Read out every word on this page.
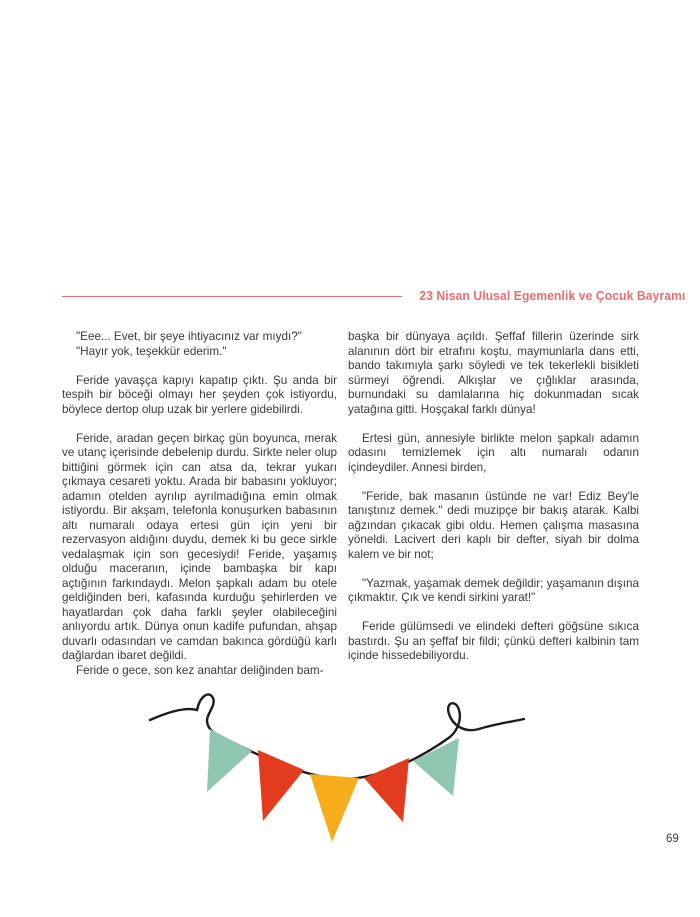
23 Nisan Ulusal Egemenlik ve Çocuk Bayramı

"Eee... Evet, bir şeye ihtiyacınız var mıydı?"

"Hayır yok, teşekkür ederim."

Feride yavaşça kapıyı kapatıp çıktı. Şu anda bir tespih bir böceği olmayı her şeyden çok istiyordu, böylece dertop olup uzak bir yerlere gidebilirdi.

Feride, aradan geçen birkaç gün boyunca, merak ve utanç içerisinde debelenip durdu. Sirkte neler olup bittiğini görmek için can atsa da, tekrar yukarı çıkmaya cesareti yoktu. Arada bir babasını yokluyor; adamın otelden ayrılıp ayrılmadığına emin olmak istiyordu. Bir akşam, telefonla konuşurken babasının altı numaralı odaya ertesi gün için yeni bir rezervasyon aldığını duydu, demek ki bu gece sirkle vedalaşmak için son gecesiydi! Feride, yaşamış olduğu maceranın, içinde bambaşka bir kapı açtığının farkındaydı. Melon şapkalı adam bu otele geldiğinden beri, kafasında kurduğu şehirlerden ve hayatlardan çok daha farklı şeyler olabileceğini anlıyordu artık. Dünya onun kadife pufundan, ahşap duvarlı odasından ve camdan bakınca gördüğü karlı dağlardan ibaret değildi.

Feride o gece, son kez anahtar deliğinden bam-

başka bir dünyaya açıldı. Şeffaf fillerin üzerinde sirk alanının dört bir etrafını koştu, maymunlarla dans etti, bando takımıyla şarkı söyledi ve tek tekerlekli bisikleti sürmeyi öğrendi. Alkışlar ve çığlıklar arasında, burnundaki su damlalarına hiç dokunmadan sıcak yatağına gitti. Hoşçakal farklı dünya!

Ertesi gün, annesiyle birlikte melon şapkalı adamın odasını temizlemek için altı numaralı odanın içindeydiler. Annesi birden,

"Feride, bak masanın üstünde ne var! Ediz Bey'le tanıştınız demek." dedi muzipçe bir bakış atarak. Kalbi ağzından çıkacak gibi oldu. Hemen çalışma masasına yöneldi. Lacivert deri kaplı bir defter, siyah bir dolma kalem ve bir not;

"Yazmak, yaşamak demek değildir; yaşamanın dışına çıkmaktır. Çık ve kendi sirkini yarat!"

Feride gülümsedi ve elindeki defteri göğsüne sıkıca bastırdı. Şu an şeffaf bir fildi; çünkü defteri kalbinin tam içinde hissedebiliyordu.

69
